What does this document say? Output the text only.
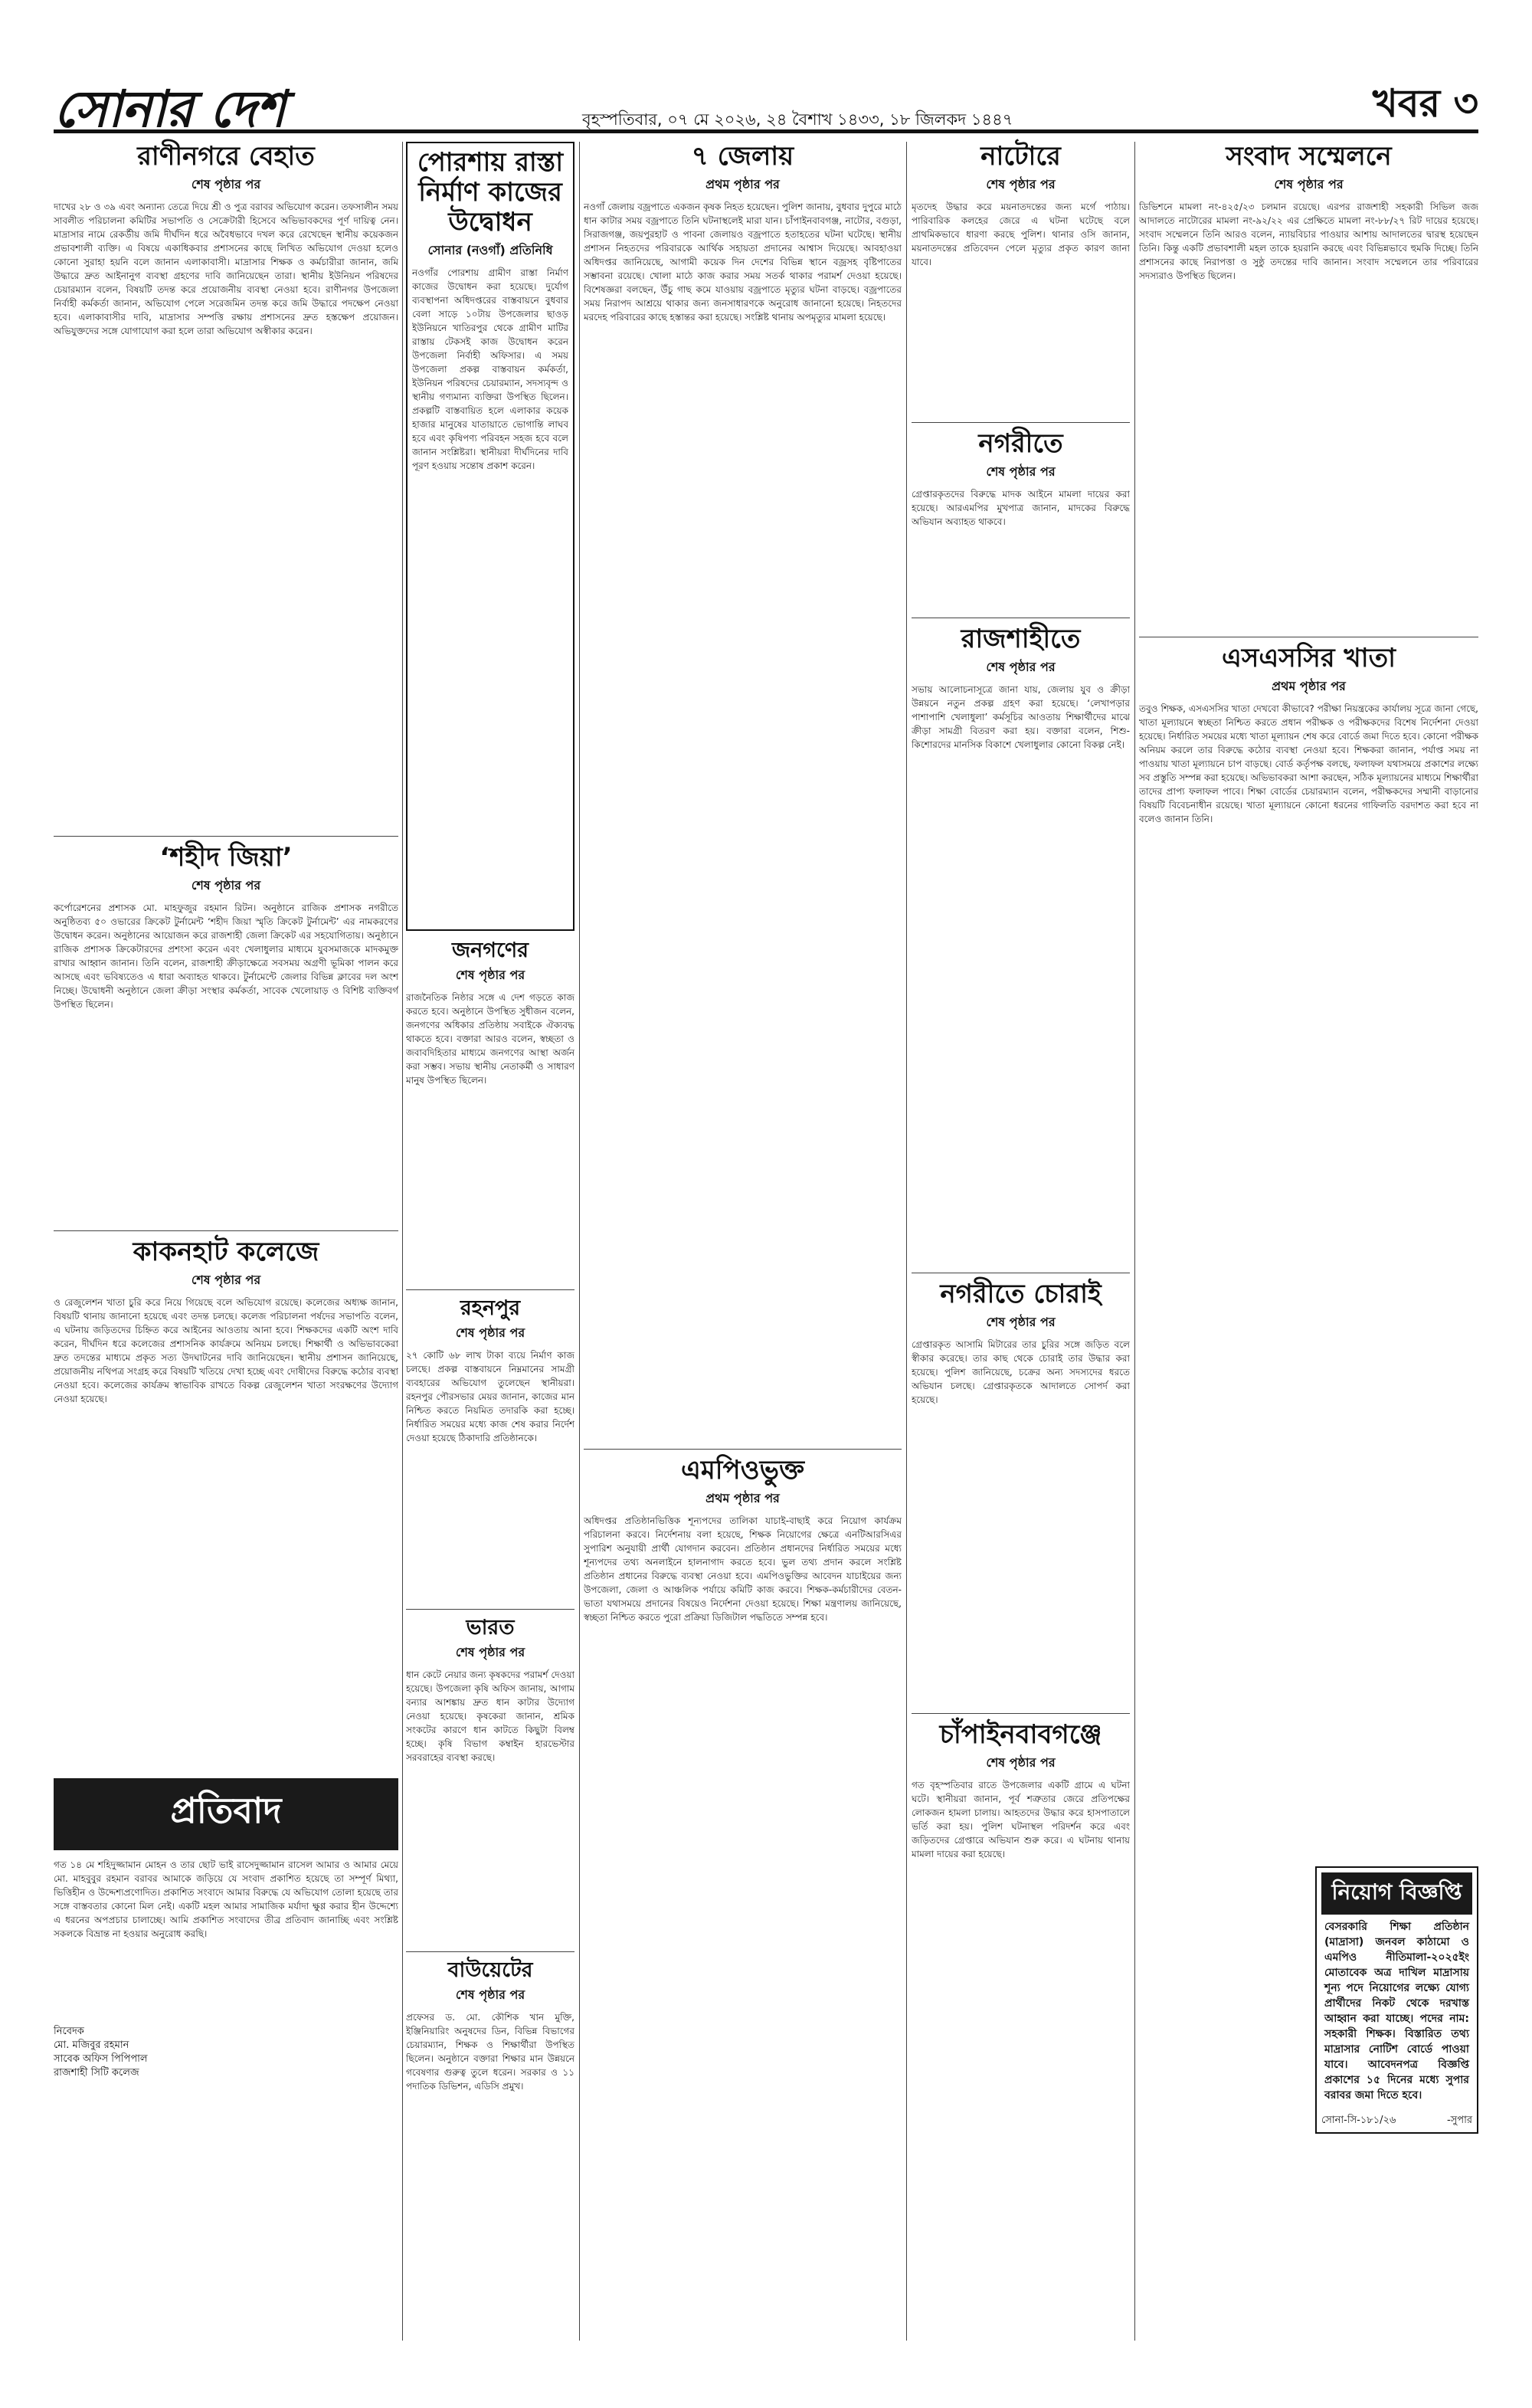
সোনার দেশ	বৃহস্পতিবার, ০৭ মে ২০২৬, ২৪ বৈশাখ ১৪৩৩, ১৮ জিলকদ ১৪৪৭	খবর ৩
রাণীনগরে বেহাত
শেষ পৃষ্ঠার পর
দাখের ২৮ ও ৩৯ এবং অন্যান্য তেত্রে দিয়ে শ্রী ও পুত্র বরাবর অভিযোগ করেন। তফসালীন সময় সাবলীত পরিচালনা কমিটির সভাপতি ও সেক্রেটারী হিসেবে অভিভাবকদের পূর্ণ দায়িত্ব নেন। মাদ্রাসার নামে রেকর্ডীয় জমি দীর্ঘদিন ধরে অবৈধভাবে দখল করে রেখেছেন স্থানীয় কয়েকজন প্রভাবশালী ব্যক্তি। এ বিষয়ে একাধিকবার প্রশাসনের কাছে লিখিত অভিযোগ দেওয়া হলেও কোনো সুরাহা হয়নি বলে জানান এলাকাবাসী। মাদ্রাসার শিক্ষক ও কর্মচারীরা জানান, জমি উদ্ধারে দ্রুত আইনানুগ ব্যবস্থা গ্রহণের দাবি জানিয়েছেন তারা। স্থানীয় ইউনিয়ন পরিষদের চেয়ারম্যান বলেন, বিষয়টি তদন্ত করে প্রয়োজনীয় ব্যবস্থা নেওয়া হবে। রাণীনগর উপজেলা নির্বাহী কর্মকর্তা জানান, অভিযোগ পেলে সরেজমিন তদন্ত করে জমি উদ্ধারে পদক্ষেপ নেওয়া হবে। এলাকাবাসীর দাবি, মাদ্রাসার সম্পত্তি রক্ষায় প্রশাসনের দ্রুত হস্তক্ষেপ প্রয়োজন। অভিযুক্তদের সঙ্গে যোগাযোগ করা হলে তারা অভিযোগ অস্বীকার করেন।
‘শহীদ জিয়া’
শেষ পৃষ্ঠার পর
কর্পোরেশনের প্রশাসক মো. মাহফুজুর রহমান রিটন। অনুষ্ঠানে রাজিক প্রশাসক নগরীতে অনুষ্ঠিতব্য ৫০ ওভারের ক্রিকেট টুর্নামেন্ট ‘শহীদ জিয়া স্মৃতি ক্রিকেট টুর্নামেন্ট’ এর নামকরণের উদ্বোধন করেন। অনুষ্ঠানের আয়োজন করে রাজশাহী জেলা ক্রিকেট এর সহযোগিতায়। অনুষ্ঠানে রাজিক প্রশাসক ক্রিকেটারদের প্রশংসা করেন এবং খেলাধুলার মাধ্যমে যুবসমাজকে মাদকমুক্ত রাখার আহ্বান জানান। তিনি বলেন, রাজশাহী ক্রীড়াক্ষেত্রে সবসময় অগ্রণী ভূমিকা পালন করে আসছে এবং ভবিষ্যতেও এ ধারা অব্যাহত থাকবে। টুর্নামেন্টে জেলার বিভিন্ন ক্লাবের দল অংশ নিচ্ছে। উদ্বোধনী অনুষ্ঠানে জেলা ক্রীড়া সংস্থার কর্মকর্তা, সাবেক খেলোয়াড় ও বিশিষ্ট ব্যক্তিবর্গ উপস্থিত ছিলেন।
কাকনহাট কলেজে
শেষ পৃষ্ঠার পর
ও রেজুলেশন খাতা চুরি করে নিয়ে গিয়েছে বলে অভিযোগ রয়েছে। কলেজের অধ্যক্ষ জানান, বিষয়টি থানায় জানানো হয়েছে এবং তদন্ত চলছে। কলেজ পরিচালনা পর্ষদের সভাপতি বলেন, এ ঘটনায় জড়িতদের চিহ্নিত করে আইনের আওতায় আনা হবে। শিক্ষকদের একটি অংশ দাবি করেন, দীর্ঘদিন ধরে কলেজের প্রশাসনিক কার্যক্রমে অনিয়ম চলছে। শিক্ষার্থী ও অভিভাবকেরা দ্রুত তদন্তের মাধ্যমে প্রকৃত সত্য উদঘাটনের দাবি জানিয়েছেন। স্থানীয় প্রশাসন জানিয়েছে, প্রয়োজনীয় নথিপত্র সংগ্রহ করে বিষয়টি খতিয়ে দেখা হচ্ছে এবং দোষীদের বিরুদ্ধে কঠোর ব্যবস্থা নেওয়া হবে। কলেজের কার্যক্রম স্বাভাবিক রাখতে বিকল্প রেজুলেশন খাতা সংরক্ষণের উদ্যোগ নেওয়া হয়েছে।
প্রতিবাদ
গত ১৪ মে শহিদুজ্জামান মোহন ও তার ছোট ভাই রাসেদুজ্জামান রাসেল আমার ও আমার মেয়ে মো. মাহবুবুর রহমান বরাবর আমাকে জড়িয়ে যে সংবাদ প্রকাশিত হয়েছে তা সম্পূর্ণ মিথ্যা, ভিত্তিহীন ও উদ্দেশ্যপ্রণোদিত। প্রকাশিত সংবাদে আমার বিরুদ্ধে যে অভিযোগ তোলা হয়েছে তার সঙ্গে বাস্তবতার কোনো মিল নেই। একটি মহল আমার সামাজিক মর্যাদা ক্ষুণ্ণ করার হীন উদ্দেশ্যে এ ধরনের অপপ্রচার চালাচ্ছে। আমি প্রকাশিত সংবাদের তীব্র প্রতিবাদ জানাচ্ছি এবং সংশ্লিষ্ট সকলকে বিভ্রান্ত না হওয়ার অনুরোধ করছি।
নিবেদক
মো. মজিবুর রহমান
সাবেক অফিস পিপিপাল
রাজশাহী সিটি কলেজ
পোরশায় রাস্তা নির্মাণ কাজের উদ্বোধন
সোনার (নওগাঁ) প্রতিনিধি
নওগাঁর পোরশায় গ্রামীণ রাস্তা নির্মাণ কাজের উদ্বোধন করা হয়েছে। দুর্যোগ ব্যবস্থাপনা অধিদপ্তরের বাস্তবায়নে বুধবার বেলা সাড়ে ১০টায় উপজেলার ছাওড় ইউনিয়নে খাতিরপুর থেকে গ্রামীণ মাটির রাস্তায় টেকসই কাজ উদ্বোধন করেন উপজেলা নির্বাহী অফিসার। এ সময় উপজেলা প্রকল্প বাস্তবায়ন কর্মকর্তা, ইউনিয়ন পরিষদের চেয়ারম্যান, সদস্যবৃন্দ ও স্থানীয় গণ্যমান্য ব্যক্তিরা উপস্থিত ছিলেন। প্রকল্পটি বাস্তবায়িত হলে এলাকার কয়েক হাজার মানুষের যাতায়াতে ভোগান্তি লাঘব হবে এবং কৃষিপণ্য পরিবহন সহজ হবে বলে জানান সংশ্লিষ্টরা। স্থানীয়রা দীর্ঘদিনের দাবি পূরণ হওয়ায় সন্তোষ প্রকাশ করেন।
জনগণের
শেষ পৃষ্ঠার পর
রাজনৈতিক নিষ্ঠার সঙ্গে এ দেশ গড়তে কাজ করতে হবে। অনুষ্ঠানে উপস্থিত সুধীজন বলেন, জনগণের অধিকার প্রতিষ্ঠায় সবাইকে ঐক্যবদ্ধ থাকতে হবে। বক্তারা আরও বলেন, স্বচ্ছতা ও জবাবদিহিতার মাধ্যমে জনগণের আস্থা অর্জন করা সম্ভব। সভায় স্থানীয় নেতাকর্মী ও সাধারণ মানুষ উপস্থিত ছিলেন।
রহনপুর
শেষ পৃষ্ঠার পর
২৭ কোটি ৬৮ লাখ টাকা ব্যয়ে নির্মাণ কাজ চলছে। প্রকল্প বাস্তবায়নে নিম্নমানের সামগ্রী ব্যবহারের অভিযোগ তুলেছেন স্থানীয়রা। রহনপুর পৌরসভার মেয়র জানান, কাজের মান নিশ্চিত করতে নিয়মিত তদারকি করা হচ্ছে। নির্ধারিত সময়ের মধ্যে কাজ শেষ করার নির্দেশ দেওয়া হয়েছে ঠিকাদারি প্রতিষ্ঠানকে।
ভারত
শেষ পৃষ্ঠার পর
ধান কেটে নেয়ার জন্য কৃষকদের পরামর্শ দেওয়া হয়েছে। উপজেলা কৃষি অফিস জানায়, আগাম বন্যার আশঙ্কায় দ্রুত ধান কাটার উদ্যোগ নেওয়া হয়েছে। কৃষকেরা জানান, শ্রমিক সংকটের কারণে ধান কাটতে কিছুটা বিলম্ব হচ্ছে। কৃষি বিভাগ কম্বাইন হারভেস্টার সরবরাহের ব্যবস্থা করছে।
বাউয়েটের
শেষ পৃষ্ঠার পর
প্রফেসর ড. মো. কৌশিক খান মুক্তি, ইঞ্জিনিয়ারিং অনুষদের ডিন, বিভিন্ন বিভাগের চেয়ারম্যান, শিক্ষক ও শিক্ষার্থীরা উপস্থিত ছিলেন। অনুষ্ঠানে বক্তারা শিক্ষার মান উন্নয়নে গবেষণার গুরুত্ব তুলে ধরেন। সরকার ও ১১ পদাতিক ডিভিশন, এডিসি প্রমুখ।
৭ জেলায়
প্রথম পৃষ্ঠার পর
নওগাঁ জেলায় বজ্রপাতে একজন কৃষক নিহত হয়েছেন। পুলিশ জানায়, বুধবার দুপুরে মাঠে ধান কাটার সময় বজ্রপাতে তিনি ঘটনাস্থলেই মারা যান। চাঁপাইনবাবগঞ্জ, নাটোর, বগুড়া, সিরাজগঞ্জ, জয়পুরহাট ও পাবনা জেলায়ও বজ্রপাতে হতাহতের ঘটনা ঘটেছে। স্থানীয় প্রশাসন নিহতদের পরিবারকে আর্থিক সহায়তা প্রদানের আশ্বাস দিয়েছে। আবহাওয়া অধিদপ্তর জানিয়েছে, আগামী কয়েক দিন দেশের বিভিন্ন স্থানে বজ্রসহ বৃষ্টিপাতের সম্ভাবনা রয়েছে। খোলা মাঠে কাজ করার সময় সতর্ক থাকার পরামর্শ দেওয়া হয়েছে। বিশেষজ্ঞরা বলছেন, উঁচু গাছ কমে যাওয়ায় বজ্রপাতে মৃত্যুর ঘটনা বাড়ছে। বজ্রপাতের সময় নিরাপদ আশ্রয়ে থাকার জন্য জনসাধারণকে অনুরোধ জানানো হয়েছে। নিহতদের মরদেহ পরিবারের কাছে হস্তান্তর করা হয়েছে। সংশ্লিষ্ট থানায় অপমৃত্যুর মামলা হয়েছে।
এমপিওভুক্ত
প্রথম পৃষ্ঠার পর
অধিদপ্তর প্রতিষ্ঠানভিত্তিক শূন্যপদের তালিকা যাচাই-বাছাই করে নিয়োগ কার্যক্রম পরিচালনা করবে। নির্দেশনায় বলা হয়েছে, শিক্ষক নিয়োগের ক্ষেত্রে এনটিআরসিএর সুপারিশ অনুযায়ী প্রার্থী যোগদান করবেন। প্রতিষ্ঠান প্রধানদের নির্ধারিত সময়ের মধ্যে শূন্যপদের তথ্য অনলাইনে হালনাগাদ করতে হবে। ভুল তথ্য প্রদান করলে সংশ্লিষ্ট প্রতিষ্ঠান প্রধানের বিরুদ্ধে ব্যবস্থা নেওয়া হবে। এমপিওভুক্তির আবেদন যাচাইয়ের জন্য উপজেলা, জেলা ও আঞ্চলিক পর্যায়ে কমিটি কাজ করবে। শিক্ষক-কর্মচারীদের বেতন-ভাতা যথাসময়ে প্রদানের বিষয়েও নির্দেশনা দেওয়া হয়েছে। শিক্ষা মন্ত্রণালয় জানিয়েছে, স্বচ্ছতা নিশ্চিত করতে পুরো প্রক্রিয়া ডিজিটাল পদ্ধতিতে সম্পন্ন হবে।
নাটোরে
শেষ পৃষ্ঠার পর
মৃতদেহ উদ্ধার করে ময়নাতদন্তের জন্য মর্গে পাঠায়। পারিবারিক কলহের জেরে এ ঘটনা ঘটেছে বলে প্রাথমিকভাবে ধারণা করছে পুলিশ। থানার ওসি জানান, ময়নাতদন্তের প্রতিবেদন পেলে মৃত্যুর প্রকৃত কারণ জানা যাবে।
নগরীতে
শেষ পৃষ্ঠার পর
গ্রেপ্তারকৃতদের বিরুদ্ধে মাদক আইনে মামলা দায়ের করা হয়েছে। আরএমপির মুখপাত্র জানান, মাদকের বিরুদ্ধে অভিযান অব্যাহত থাকবে।
রাজশাহীতে
শেষ পৃষ্ঠার পর
সভায় আলোচনাসূত্রে জানা যায়, জেলায় যুব ও ক্রীড়া উন্নয়নে নতুন প্রকল্প গ্রহণ করা হয়েছে। ‘লেখাপড়ার পাশাপাশি খেলাধুলা’ কর্মসূচির আওতায় শিক্ষার্থীদের মাঝে ক্রীড়া সামগ্রী বিতরণ করা হয়। বক্তারা বলেন, শিশু-কিশোরদের মানসিক বিকাশে খেলাধুলার কোনো বিকল্প নেই।
নগরীতে চোরাই
শেষ পৃষ্ঠার পর
গ্রেপ্তারকৃত আসামি মিটারের তার চুরির সঙ্গে জড়িত বলে স্বীকার করেছে। তার কাছ থেকে চোরাই তার উদ্ধার করা হয়েছে। পুলিশ জানিয়েছে, চক্রের অন্য সদস্যদের ধরতে অভিযান চলছে। গ্রেপ্তারকৃতকে আদালতে সোপর্দ করা হয়েছে।
চাঁপাইনবাবগঞ্জে
শেষ পৃষ্ঠার পর
গত বৃহস্পতিবার রাতে উপজেলার একটি গ্রামে এ ঘটনা ঘটে। স্থানীয়রা জানান, পূর্ব শত্রুতার জেরে প্রতিপক্ষের লোকজন হামলা চালায়। আহতদের উদ্ধার করে হাসপাতালে ভর্তি করা হয়। পুলিশ ঘটনাস্থল পরিদর্শন করে এবং জড়িতদের গ্রেপ্তারে অভিযান শুরু করে। এ ঘটনায় থানায় মামলা দায়ের করা হয়েছে।
সংবাদ সম্মেলনে
শেষ পৃষ্ঠার পর
ডিভিশনে মামলা নং-৪২৫/২৩ চলমান রয়েছে। এরপর রাজশাহী সহকারী সিভিল জজ আদালতে নাটোরের মামলা নং-৯২/২২ এর প্রেক্ষিতে মামলা নং-৮৮/২৭ রিট দায়ের হয়েছে। সংবাদ সম্মেলনে তিনি আরও বলেন, ন্যায়বিচার পাওয়ার আশায় আদালতের দ্বারস্থ হয়েছেন তিনি। কিন্তু একটি প্রভাবশালী মহল তাকে হয়রানি করছে এবং বিভিন্নভাবে হুমকি দিচ্ছে। তিনি প্রশাসনের কাছে নিরাপত্তা ও সুষ্ঠু তদন্তের দাবি জানান। সংবাদ সম্মেলনে তার পরিবারের সদস্যরাও উপস্থিত ছিলেন।
এসএসসির খাতা
প্রথম পৃষ্ঠার পর
তবুও শিক্ষক, এসএসসির খাতা দেখবো কীভাবে? পরীক্ষা নিয়ন্ত্রকের কার্যালয় সূত্রে জানা গেছে, খাতা মূল্যায়নে স্বচ্ছতা নিশ্চিত করতে প্রধান পরীক্ষক ও পরীক্ষকদের বিশেষ নির্দেশনা দেওয়া হয়েছে। নির্ধারিত সময়ের মধ্যে খাতা মূল্যায়ন শেষ করে বোর্ডে জমা দিতে হবে। কোনো পরীক্ষক অনিয়ম করলে তার বিরুদ্ধে কঠোর ব্যবস্থা নেওয়া হবে। শিক্ষকরা জানান, পর্যাপ্ত সময় না পাওয়ায় খাতা মূল্যায়নে চাপ বাড়ছে। বোর্ড কর্তৃপক্ষ বলছে, ফলাফল যথাসময়ে প্রকাশের লক্ষ্যে সব প্রস্তুতি সম্পন্ন করা হয়েছে। অভিভাবকরা আশা করছেন, সঠিক মূল্যায়নের মাধ্যমে শিক্ষার্থীরা তাদের প্রাপ্য ফলাফল পাবে। শিক্ষা বোর্ডের চেয়ারম্যান বলেন, পরীক্ষকদের সম্মানী বাড়ানোর বিষয়টি বিবেচনাধীন রয়েছে। খাতা মূল্যায়নে কোনো ধরনের গাফিলতি বরদাশত করা হবে না বলেও জানান তিনি।
নিয়োগ বিজ্ঞপ্তি
বেসরকারি শিক্ষা প্রতিষ্ঠান (মাদ্রাসা) জনবল কাঠামো ও এমপিও নীতিমালা-২০২৫ইং মোতাবেক অত্র দাখিল মাদ্রাসায় শূন্য পদে নিয়োগের লক্ষ্যে যোগ্য প্রার্থীদের নিকট থেকে দরখাস্ত আহ্বান করা যাচ্ছে। পদের নাম: সহকারী শিক্ষক। বিস্তারিত তথ্য মাদ্রাসার নোটিশ বোর্ডে পাওয়া যাবে। আবেদনপত্র বিজ্ঞপ্তি প্রকাশের ১৫ দিনের মধ্যে সুপার বরাবর জমা দিতে হবে।
সোনা-সি-১৮১/২৬	-সুপার
